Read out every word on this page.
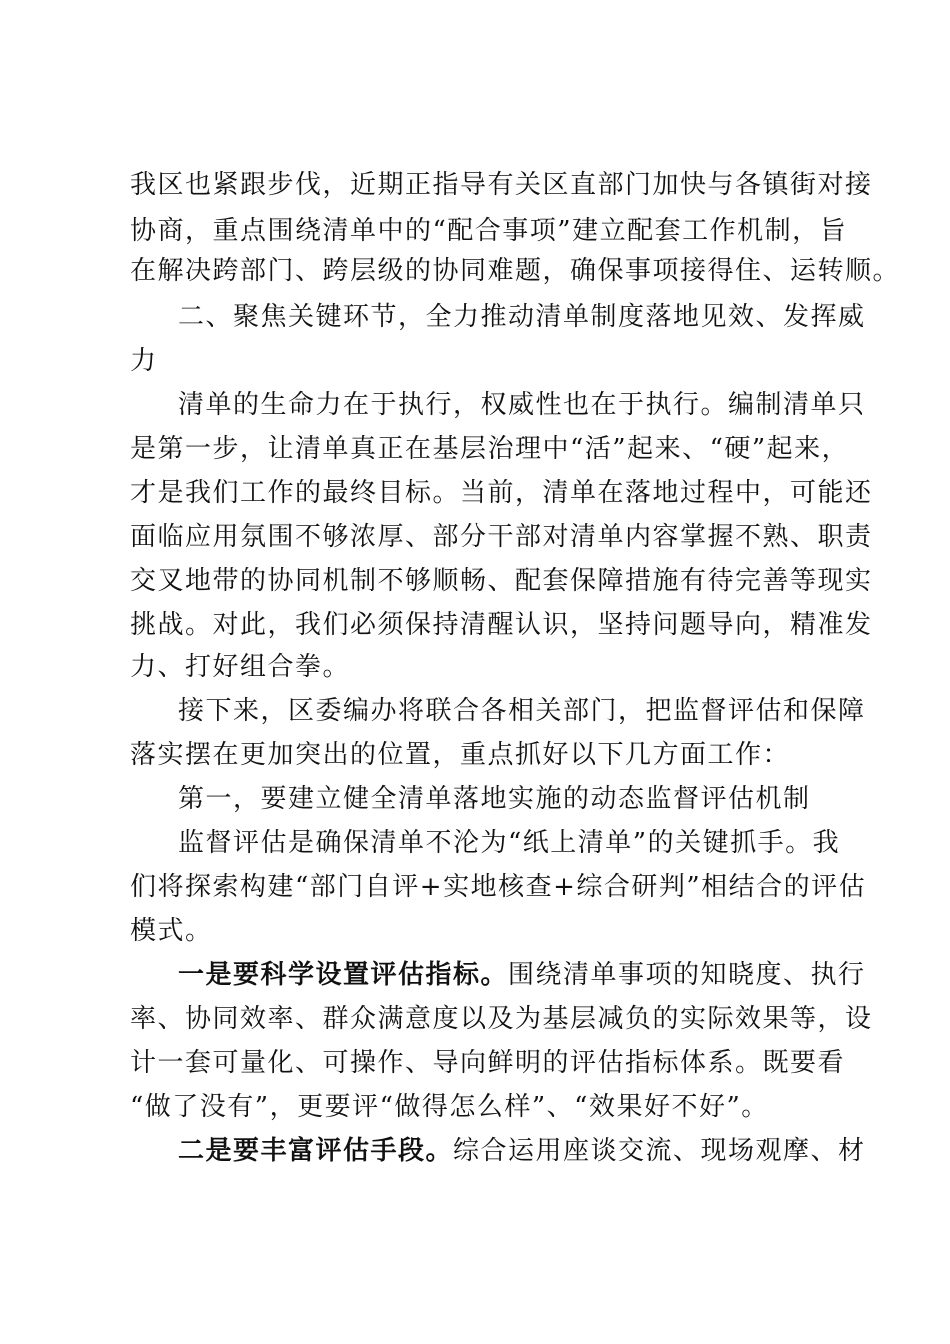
我区也紧跟步伐，近期正指导有关区直部门加快与各镇街对接
协商，重点围绕清单中的“配合事项”建立配套工作机制，旨
在解决跨部门、跨层级的协同难题，确保事项接得住、运转顺。
二、聚焦关键环节，全力推动清单制度落地见效、发挥威
力
清单的生命力在于执行，权威性也在于执行。编制清单只
是第一步，让清单真正在基层治理中“活”起来、“硬”起来，
才是我们工作的最终目标。当前，清单在落地过程中，可能还
面临应用氛围不够浓厚、部分干部对清单内容掌握不熟、职责
交叉地带的协同机制不够顺畅、配套保障措施有待完善等现实
挑战。对此，我们必须保持清醒认识，坚持问题导向，精准发
力、打好组合拳。
接下来，区委编办将联合各相关部门，把监督评估和保障
落实摆在更加突出的位置，重点抓好以下几方面工作：
第一，要建立健全清单落地实施的动态监督评估机制
监督评估是确保清单不沦为“纸上清单”的关键抓手。我
们将探索构建“部门自评+实地核查+综合研判”相结合的评估
模式。
一是要科学设置评估指标。围绕清单事项的知晓度、执行
率、协同效率、群众满意度以及为基层减负的实际效果等，设
计一套可量化、可操作、导向鲜明的评估指标体系。既要看
“做了没有”，更要评“做得怎么样”、“效果好不好”。
二是要丰富评估手段。综合运用座谈交流、现场观摩、材
